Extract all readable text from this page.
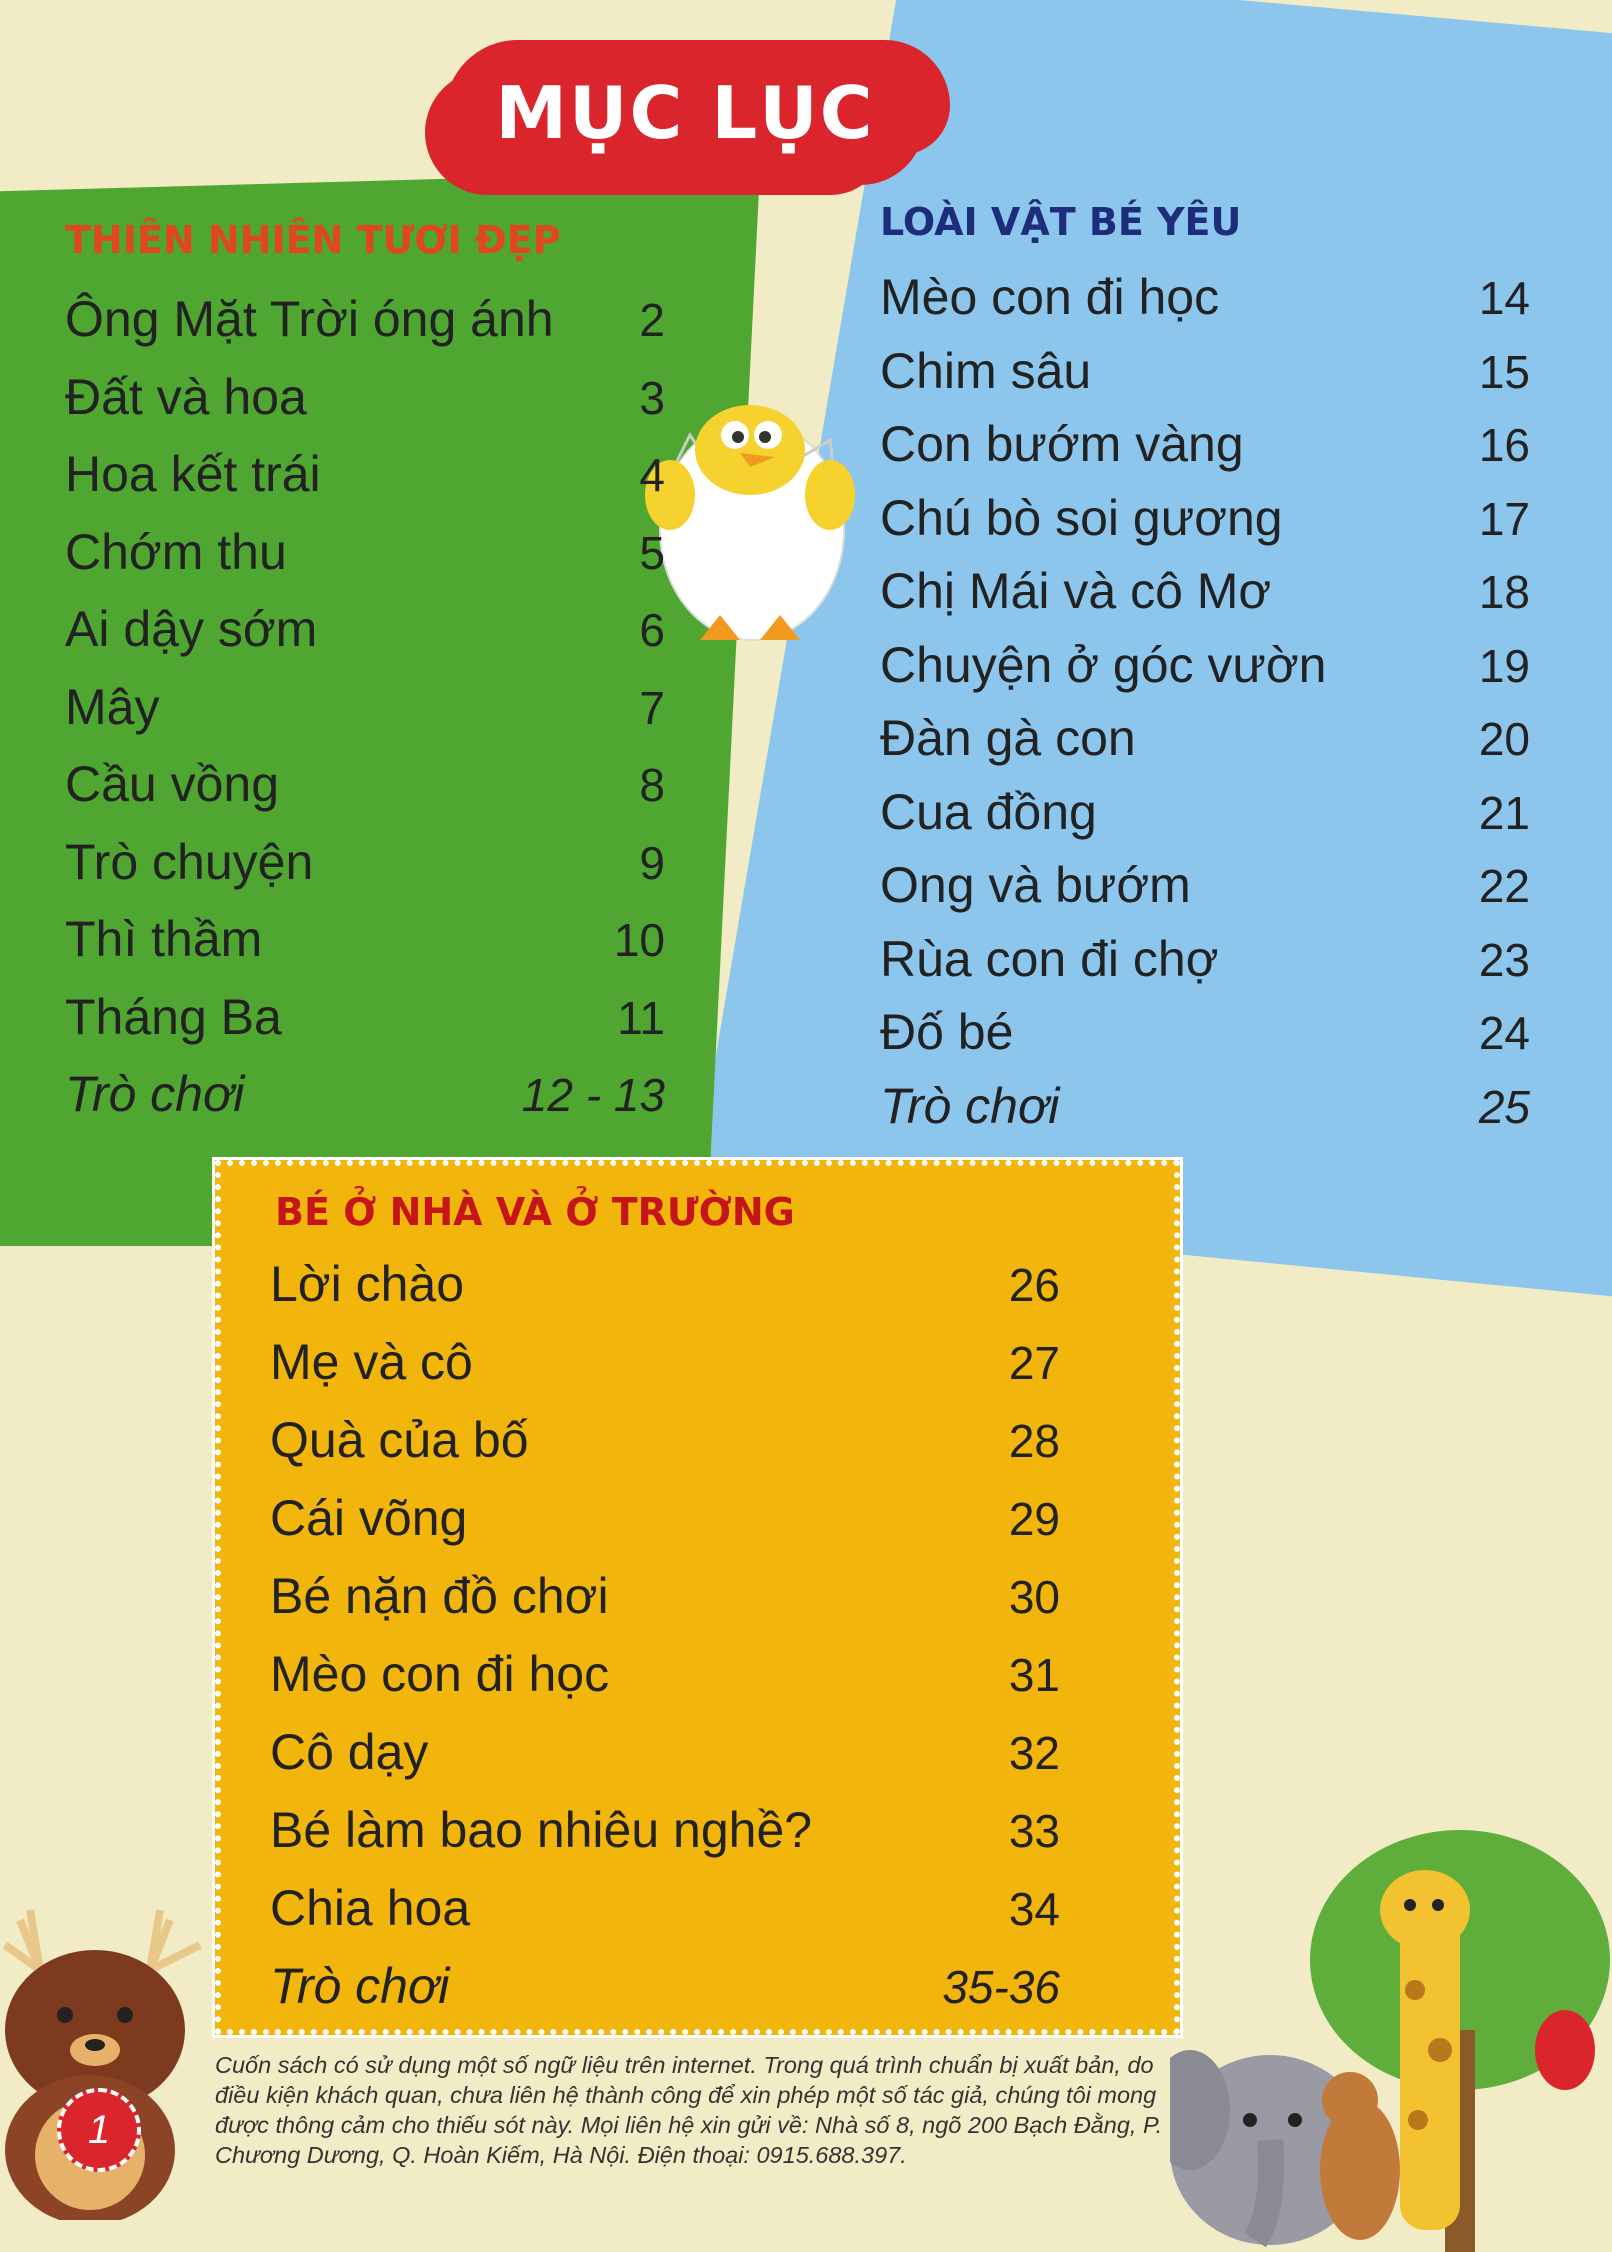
MỤC LỤC
THIÊN NHIÊN TƯƠI ĐẸP
Ông Mặt Trời óng ánh 2
Đất và hoa	3
Hoa kết trái	4
Chớm thu	5
Ai dậy sớm	6
Mây	7
Cầu vồng	8
Trò chuyện	9
Thì thầm	10
Tháng Ba	11
Trò chơi	12 - 13
LOÀI VẬT BÉ YÊU
Mèo con đi học	14
Chim sâu	15
Con bướm vàng	16
Chú bò soi gương	17
Chị Mái và cô Mơ	18
Chuyện ở góc vườn	19
Đàn gà con	20
Cua đồng	21
Ong và bướm	22
Rùa con đi chợ	23
Đố bé	24
Trò chơi	25
BÉ Ở NHÀ VÀ Ở TRƯỜNG
Lời chào	26
Mẹ và cô	27
Quà của bố	28
Cái võng	29
Bé nặn đồ chơi	30
Mèo con đi học	31
Cô dạy	32
Bé làm bao nhiêu nghề?	33
Chia hoa	34
Trò chơi	35-36

Cuốn sách có sử dụng một số ngữ liệu trên internet. Trong quá trình chuẩn bị xuất bản, do điều kiện khách quan, chưa liên hệ thành công để xin phép một số tác giả, chúng tôi mong được thông cảm cho thiếu sót này. Mọi liên hệ xin gửi về: Nhà số 8, ngõ 200 Bạch Đằng, P. Chương Dương, Q. Hoàn Kiếm, Hà Nội. Điện thoại: 0915.688.397.

1
